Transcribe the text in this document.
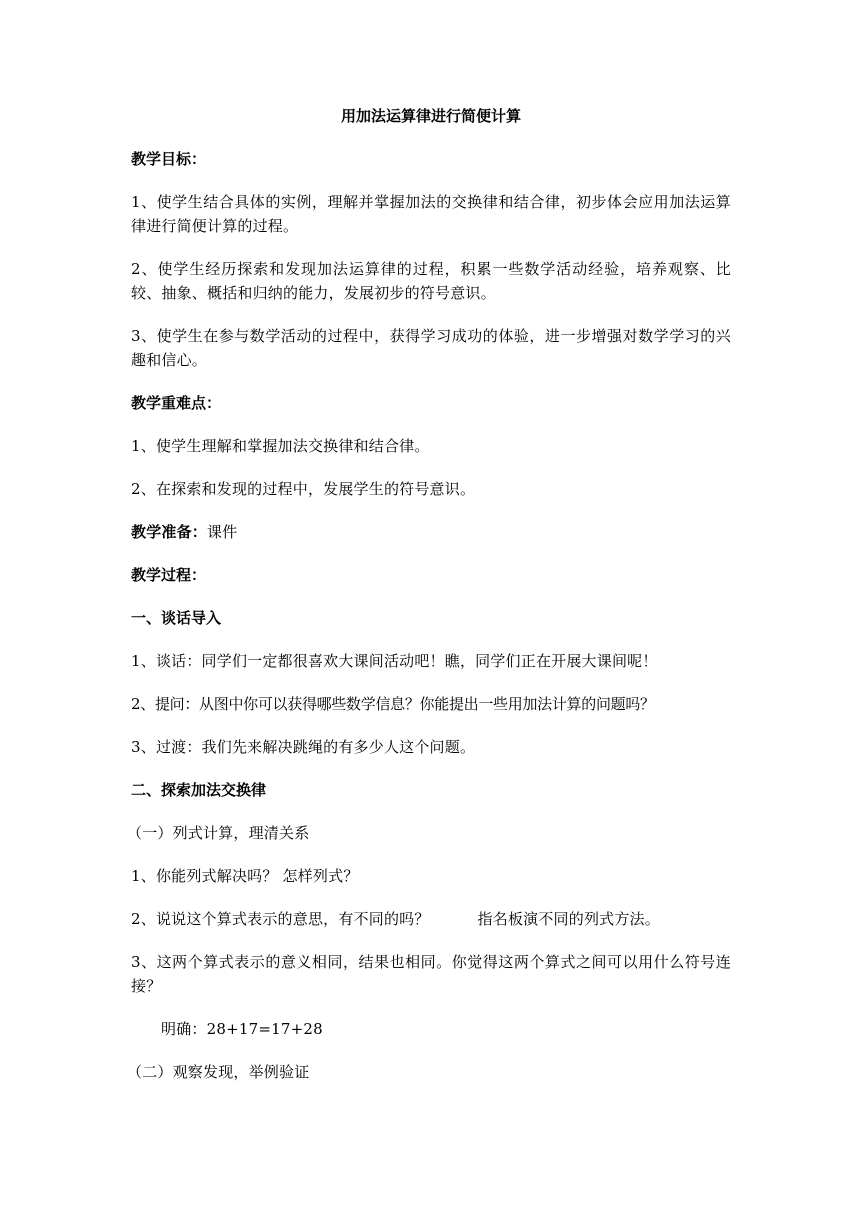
用加法运算律进行简便计算
教学目标：
1、使学生结合具体的实例，理解并掌握加法的交换律和结合律，初步体会应用加法运算律进行简便计算的过程。
2、使学生经历探索和发现加法运算律的过程，积累一些数学活动经验，培养观察、比较、抽象、概括和归纳的能力，发展初步的符号意识。
3、使学生在参与数学活动的过程中，获得学习成功的体验，进一步增强对数学学习的兴趣和信心。
教学重难点：
1、使学生理解和掌握加法交换律和结合律。
2、在探索和发现的过程中，发展学生的符号意识。
教学准备：课件
教学过程：
一、谈话导入
1、谈话：同学们一定都很喜欢大课间活动吧！瞧，同学们正在开展大课间呢！
2、提问：从图中你可以获得哪些数学信息？你能提出一些用加法计算的问题吗？
3、过渡：我们先来解决跳绳的有多少人这个问题。
二、探索加法交换律
（一）列式计算，理清关系
1、你能列式解决吗？ 怎样列式？
2、说说这个算式表示的意思，有不同的吗？	指名板演不同的列式方法。
3、这两个算式表示的意义相同，结果也相同。你觉得这两个算式之间可以用什么符号连接？
明确：28+17=17+28
（二）观察发现，举例验证
